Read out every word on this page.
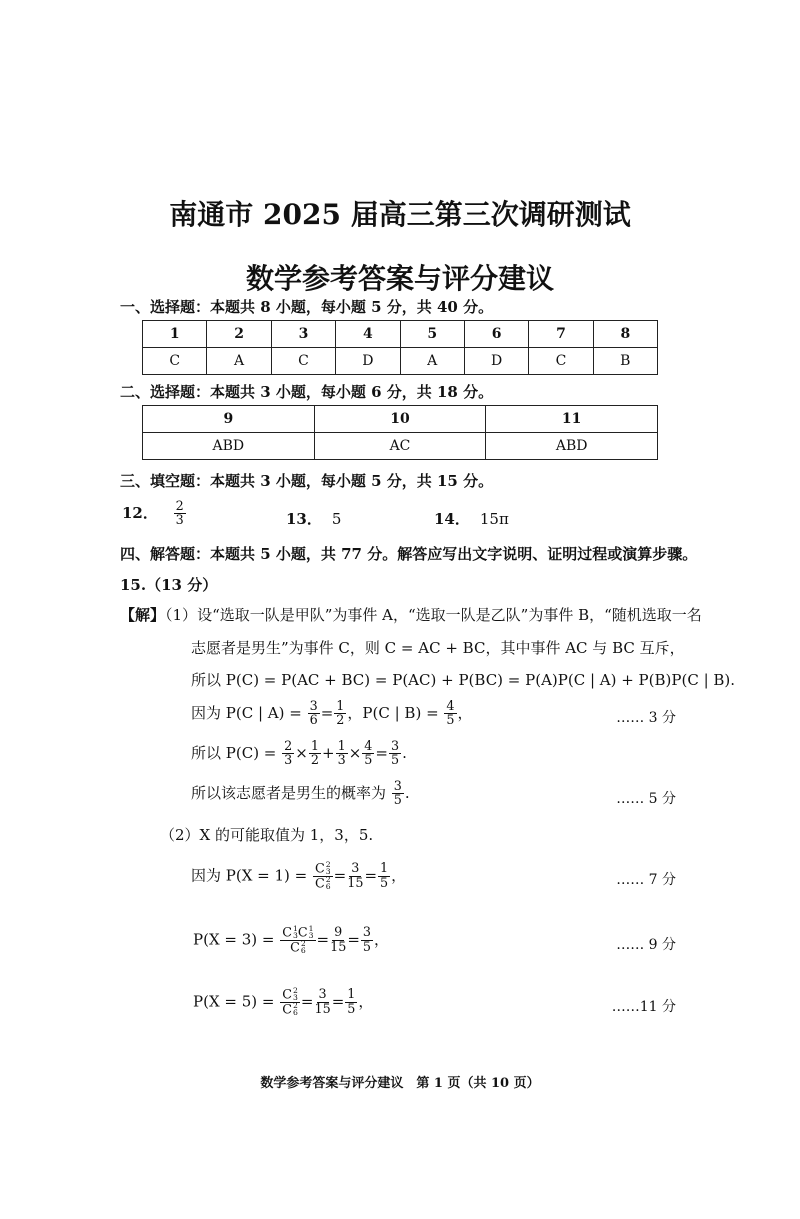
南通市 2025 届高三第三次调研测试
数学参考答案与评分建议
一、选择题：本题共 8 小题，每小题 5 分，共 40 分。
1	2	3	4	5	6	7	8
C	A	C	D	A	D	C	B
二、选择题：本题共 3 小题，每小题 6 分，共 18 分。
9	10	11
ABD	AC	ABD
三、填空题：本题共 3 小题，每小题 5 分，共 15 分。
12． $\frac{2}{3}$	13． 5	14． 15π
四、解答题：本题共 5 小题，共 77 分。解答应写出文字说明、证明过程或演算步骤。
15.（13 分）
【解】（1）设“选取一队是甲队”为事件 A，“选取一队是乙队”为事件 B，“随机选取一名
志愿者是男生”为事件 C，则 C = AC + BC，其中事件 AC 与 BC 互斥，
所以 P(C) = P(AC + BC) = P(AC) + P(BC) = P(A)P(C | A) + P(B)P(C | B).
因为 P(C | $A) = \frac{3}{6} = \frac{1}{2}$ ，P(C | $B) = \frac{4}{5}$ ，	…… 3 分
所以 $P(C) = \frac{2}{3} \times \frac{1}{2} + \frac{1}{3} \times \frac{4}{5} = \frac{3}{5}$ .
所以该志愿者是男生的概率为 $\frac{3}{5}$ .	…… 5 分
（2）X 的可能取值为 1，3，5.
因为 P(X = 1) = C 2
3
C 2
$6 = \frac{3}{15} = \frac{1}{5}$ ，	…… 7 分
P(X = 3) = C 1
3 C 1
3
C 2
$6 = \frac{9}{15} = \frac{3}{5}$ ，	…… 9 分
P(X = 5) = C 2
3
C 2
$6 = \frac{3}{15} = \frac{1}{5}$ ，	……11 分
数学参考答案与评分建议　第 1 页（共 10 页）
